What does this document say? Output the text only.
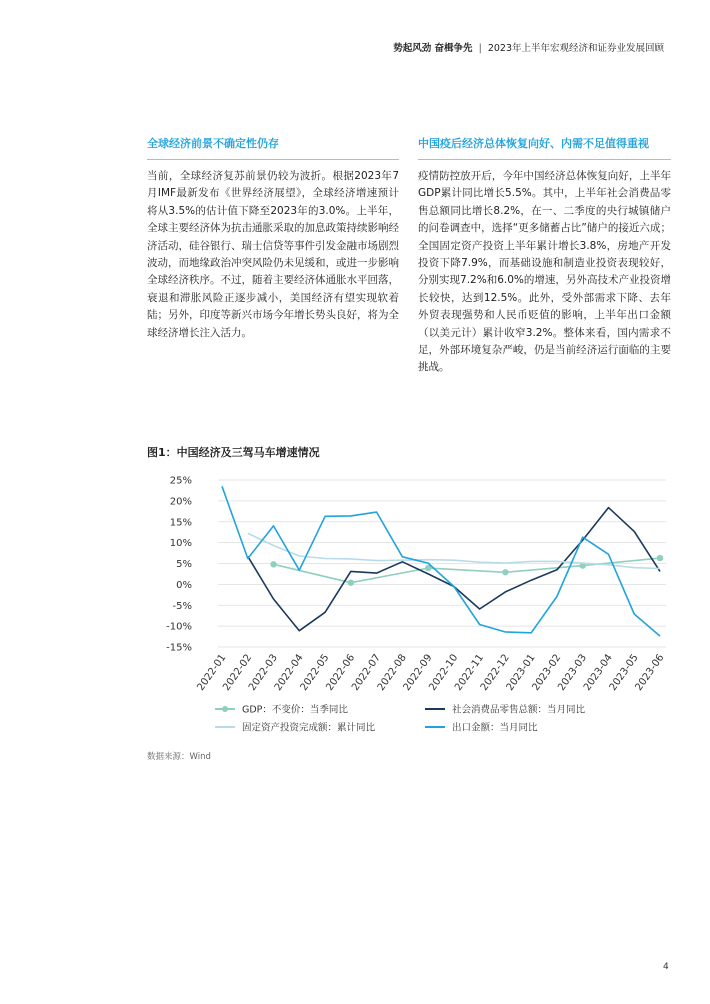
势起风劲 奋楫争先 | 2023年上半年宏观经济和证券业发展回顾
全球经济前景不确定性仍存

当前，全球经济复苏前景仍较为波折。根据2023年7月IMF最新发布《世界经济展望》，全球经济增速预计将从3.5%的估计值下降至2023年的3.0%。上半年，全球主要经济体为抗击通胀采取的加息政策持续影响经济活动，硅谷银行、瑞士信贷等事件引发金融市场剧烈波动，而地缘政治冲突风险仍未见缓和，或进一步影响全球经济秩序。不过，随着主要经济体通胀水平回落，衰退和滞胀风险正逐步减小，美国经济有望实现软着陆；另外，印度等新兴市场今年增长势头良好，将为全球经济增长注入活力。

中国疫后经济总体恢复向好、内需不足值得重视

疫情防控放开后，今年中国经济总体恢复向好，上半年GDP累计同比增长5.5%。其中，上半年社会消费品零售总额同比增长8.2%，在一、二季度的央行城镇储户的问卷调查中，选择“更多储蓄占比”储户的接近六成；全国固定资产投资上半年累计增长3.8%，房地产开发投资下降7.9%，而基础设施和制造业投资表现较好，分别实现7.2%和6.0%的增速，另外高技术产业投资增长较快，达到12.5%。此外，受外部需求下降、去年外贸表现强势和人民币贬值的影响，上半年出口金额（以美元计）累计收窄3.2%。整体来看，国内需求不足，外部环境复杂严峻，仍是当前经济运行面临的主要挑战。

图1：中国经济及三驾马车增速情况
25%
20%
15%
10%
5%
0%
-5%
-10%
-15%
2022-01
2022-02
2022-03
2022-04
2022-05
2022-06
2022-07
2022-08
2022-09
2022-10
2022-11
2022-12
2023-01
2023-02
2023-03
2023-04
2023-05
2023-06
GDP：不变价：当季同比	社会消费品零售总额：当月同比
固定资产投资完成额：累计同比	出口金额：当月同比
数据来源：Wind
4
